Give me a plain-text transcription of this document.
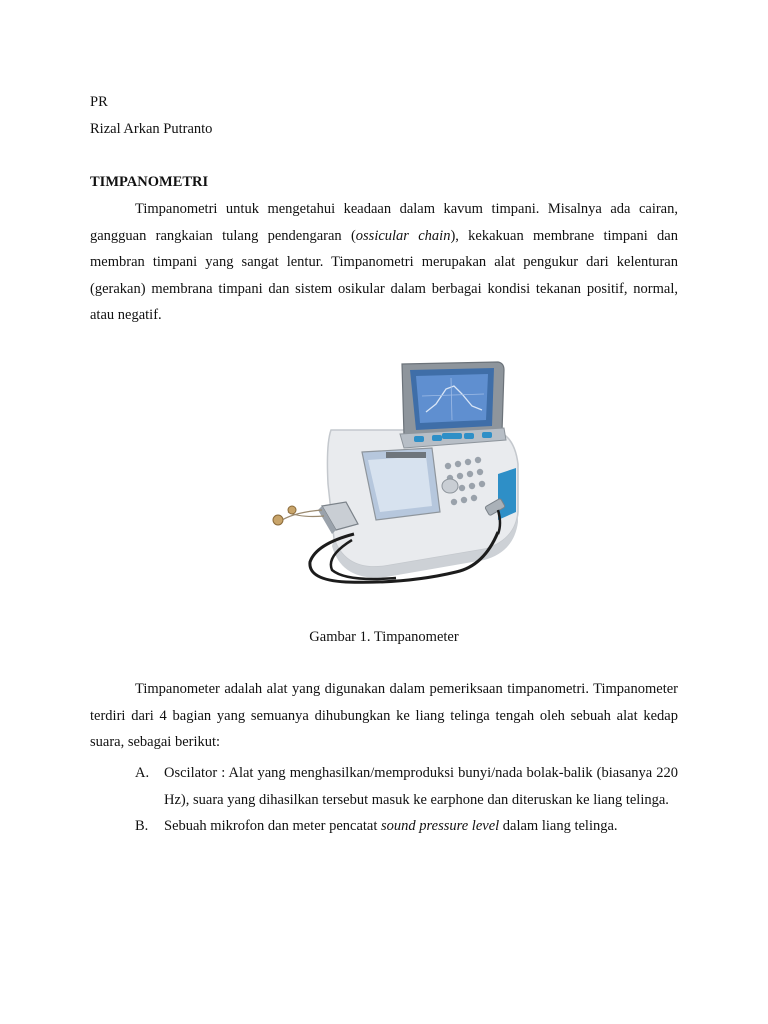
PR
Rizal Arkan Putranto
TIMPANOMETRI

Timpanometri untuk mengetahui keadaan dalam kavum timpani. Misalnya ada cairan, gangguan rangkaian tulang pendengaran (ossicular chain), kekakuan membrane timpani dan membran timpani yang sangat lentur. Timpanometri merupakan alat pengukur dari kelenturan (gerakan) membrana timpani dan sistem osikular dalam berbagai kondisi tekanan positif, normal, atau negatif.

Gambar 1. Timpanometer

Timpanometer adalah alat yang digunakan dalam pemeriksaan timpanometri. Timpanometer terdiri dari 4 bagian yang semuanya dihubungkan ke liang telinga tengah oleh sebuah alat kedap suara, sebagai berikut:

A. Oscilator : Alat yang menghasilkan/memproduksi bunyi/nada bolak-balik (biasanya 220 Hz), suara yang dihasilkan tersebut masuk ke earphone dan diteruskan ke liang telinga.
B. Sebuah mikrofon dan meter pencatat sound pressure level dalam liang telinga.
